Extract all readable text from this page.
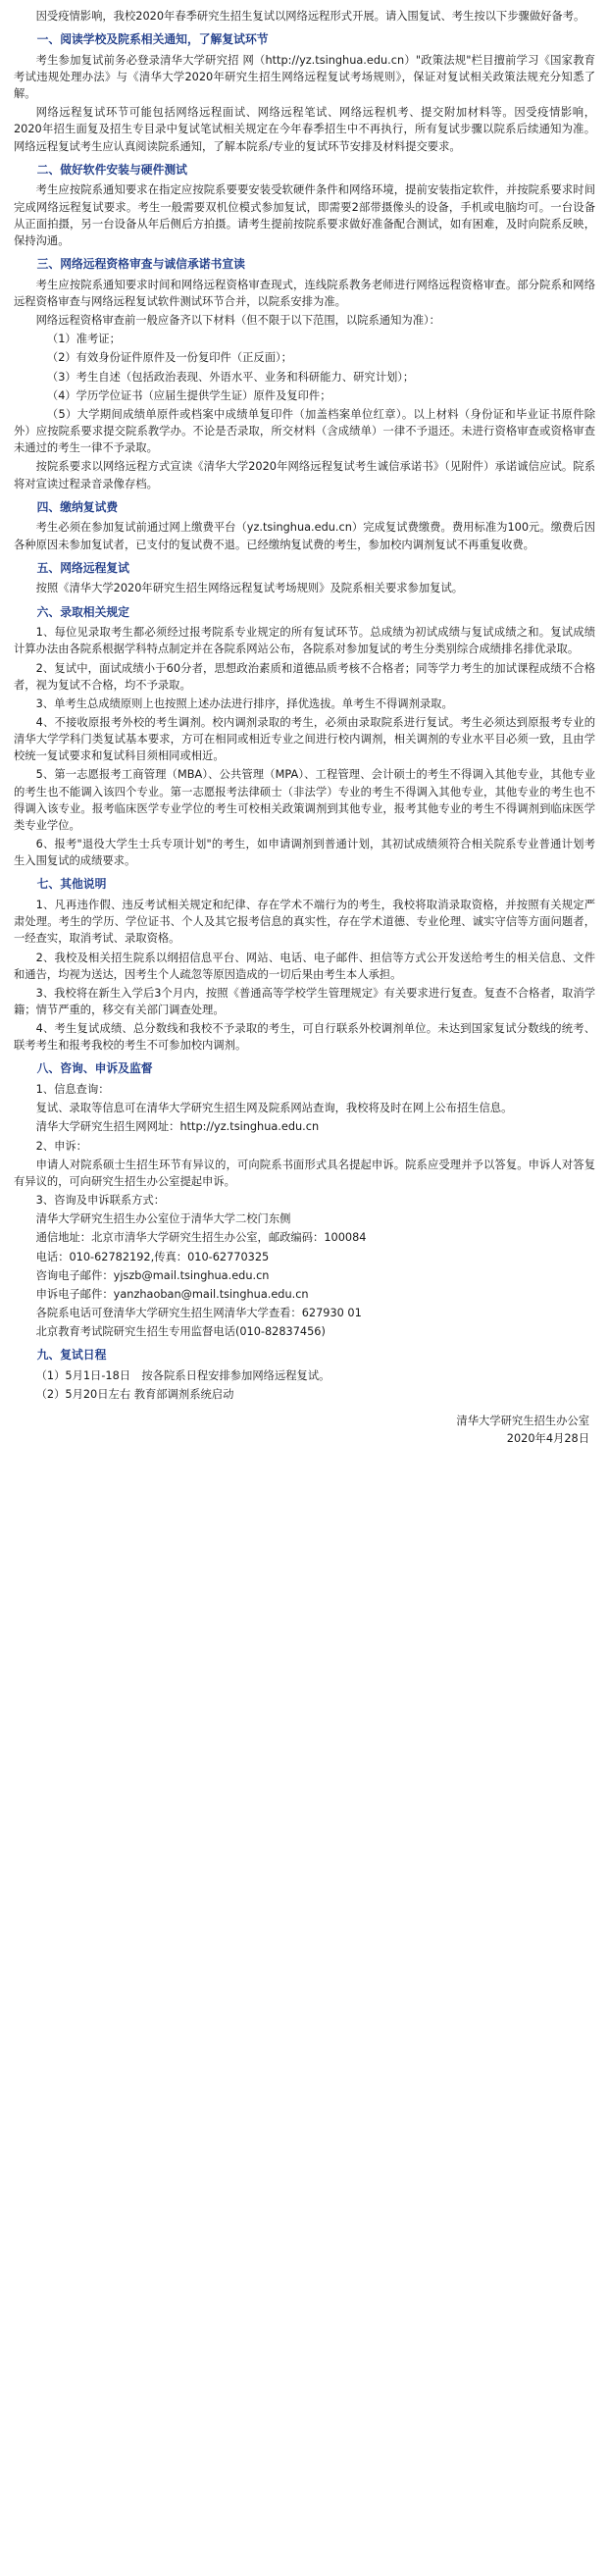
因受疫情影响，我校2020年春季研究生招生复试以网络远程形式开展。请入围复试、考生按以下步骤做好备考。

一、阅读学校及院系相关通知，了解复试环节

考生参加复试前务必登录清华大学研究招 网（http://yz.tsinghua.edu.cn）"政策法规"栏目擅前学习《国家教育考试违规处理办法》与《清华大学2020年研究生招生网络远程复试考场规则》，保证对复试相关政策法规充分知悉了解。

网络远程复试环节可能包括网络远程面试、网络远程笔试、网络远程机考、提交附加材料等。因受疫情影响，2020年招生面复及招生专目录中复试笔试相关规定在今年春季招生中不再执行，所有复试步骤以院系后续通知为准。网络远程复试考生应认真阅读院系通知，了解本院系/专业的复试环节安排及材料提交要求。

二、做好软件安装与硬件测试

考生应按院系通知要求在指定应按院系要要安装受软硬件条件和网络环境，提前安装指定软件，并按院系要求时间完成网络远程复试要求。考生一般需要双机位模式参加复试，即需要2部带摄像头的设备，手机或电脑均可。一台设备从正面拍摄，另一台设备从年后侧后方拍摄。请考生提前按院系要求做好准备配合测试，如有困难，及时向院系反映，保持沟通。

三、网络远程资格审查与诚信承诺书宣读

考生应按院系通知要求时间和网络远程资格审查现式，连线院系教务老师进行网络远程资格审查。部分院系和网络远程资格审查与网络远程复试软件测试环节合并，以院系安排为准。

网络远程资格审查前一般应备齐以下材料（但不限于以下范围，以院系通知为准）：

（1）准考证；

（2）有效身份证件原件及一份复印件（正反面）；

（3）考生自述（包括政治表现、外语水平、业务和科研能力、研究计划）；

（4）学历学位证书（应届生提供学生证）原件及复印件；

（5）大学期间成绩单原件或档案中成绩单复印件（加盖档案单位红章）。以上材料（身份证和毕业证书原件除外）应按院系要求提交院系教学办。不论是否录取，所交材料（含成绩单）一律不予退还。未进行资格审查或资格审查未通过的考生一律不予录取。

按院系要求以网络远程方式宣读《清华大学2020年网络远程复试考生诚信承诺书》（见附件）承诺诚信应试。院系将对宣读过程录音录像存档。

四、缴纳复试费

考生必须在参加复试前通过网上缴费平台（yz.tsinghua.edu.cn）完成复试费缴费。费用标准为100元。缴费后因各种原因未参加复试者，已支付的复试费不退。已经缴纳复试费的考生，参加校内调剂复试不再重复收费。

五、网络远程复试

按照《清华大学2020年研究生招生网络远程复试考场规则》及院系相关要求参加复试。

六、录取相关规定

1、每位见录取考生都必须经过报考院系专业规定的所有复试环节。总成绩为初试成绩与复试成绩之和。复试成绩计算办法由各院系根据学科特点制定并在各院系网站公布，各院系对参加复试的考生分类别综合成绩排名排优录取。

2、复试中，面试成绩小于60分者，思想政治素质和道德品质考核不合格者；同等学力考生的加试课程成绩不合格者，视为复试不合格，均不予录取。

3、单考生总成绩原则上也按照上述办法进行排序，择优选拔。单考生不得调剂录取。

4、不接收原报考外校的考生调剂。校内调剂录取的考生，必须由录取院系进行复试。考生必须达到原报考专业的清华大学学科门类复试基本要求，方可在相同或相近专业之间进行校内调剂，相关调剂的专业水平目必须一致，且由学校统一复试要求和复试科目须相同或相近。

5、第一志愿报考工商管理（MBA）、公共管理（MPA）、工程管理、会计硕士的考生不得调入其他专业，其他专业的考生也不能调入该四个专业。第一志愿报考法律硕士（非法学）专业的考生不得调入其他专业，其他专业的考生也不得调入该专业。报考临床医学专业学位的考生可校相关政策调剂到其他专业，报考其他专业的考生不得调剂到临床医学类专业学位。

6、报考"退役大学生士兵专项计划"的考生，如申请调剂到普通计划，其初试成绩须符合相关院系专业普通计划考生入围复试的成绩要求。

七、其他说明

1、凡再违作假、违反考试相关规定和纪律、存在学术不端行为的考生，我校将取消录取资格，并按照有关规定严肃处理。考生的学历、学位证书、个人及其它报考信息的真实性，存在学术道德、专业伦理、诚实守信等方面问题者，一经查实，取消考试、录取资格。

2、我校及相关招生院系以纲招信息平台、网站、电话、电子邮件、担信等方式公开发送给考生的相关信息、文件和通告，均视为送达，因考生个人疏忽等原因造成的一切后果由考生本人承担。

3、我校将在新生入学后3个月内，按照《普通高等学校学生管理规定》有关要求进行复查。复查不合格者，取消学籍；情节严重的，移交有关部门调查处理。

4、考生复试成绩、总分数线和我校不予录取的考生，可自行联系外校调剂单位。未达到国家复试分数线的统考、联考考生和报考我校的考生不可参加校内调剂。

八、咨询、申诉及监督

1、信息查询：

复试、录取等信息可在清华大学研究生招生网及院系网站查询，我校将及时在网上公布招生信息。

清华大学研究生招生网网址：http://yz.tsinghua.edu.cn

2、申诉：

申请人对院系硕士生招生环节有异议的，可向院系书面形式具名提起申诉。院系应受理并予以答复。申诉人对答复有异议的，可向研究生招生办公室提起申诉。

3、咨询及申诉联系方式：

清华大学研究生招生办公室位于清华大学二校门东侧

通信地址：北京市清华大学研究生招生办公室，邮政编码：100084

电话：010-62782192,传真：010-62770325

咨询电子邮件：yjszb@mail.tsinghua.edu.cn

申诉电子邮件：yanzhaoban@mail.tsinghua.edu.cn

各院系电话可登清华大学研究生招生网清华大学查看：627930 01

北京教育考试院研究生招生专用监督电话(010-82837456)

九、复试日程

（1）5月1日-18日　按各院系日程安排参加网络远程复试。

（2）5月20日左右 教育部调剂系统启动

清华大学研究生招生办公室
2020年4月28日
